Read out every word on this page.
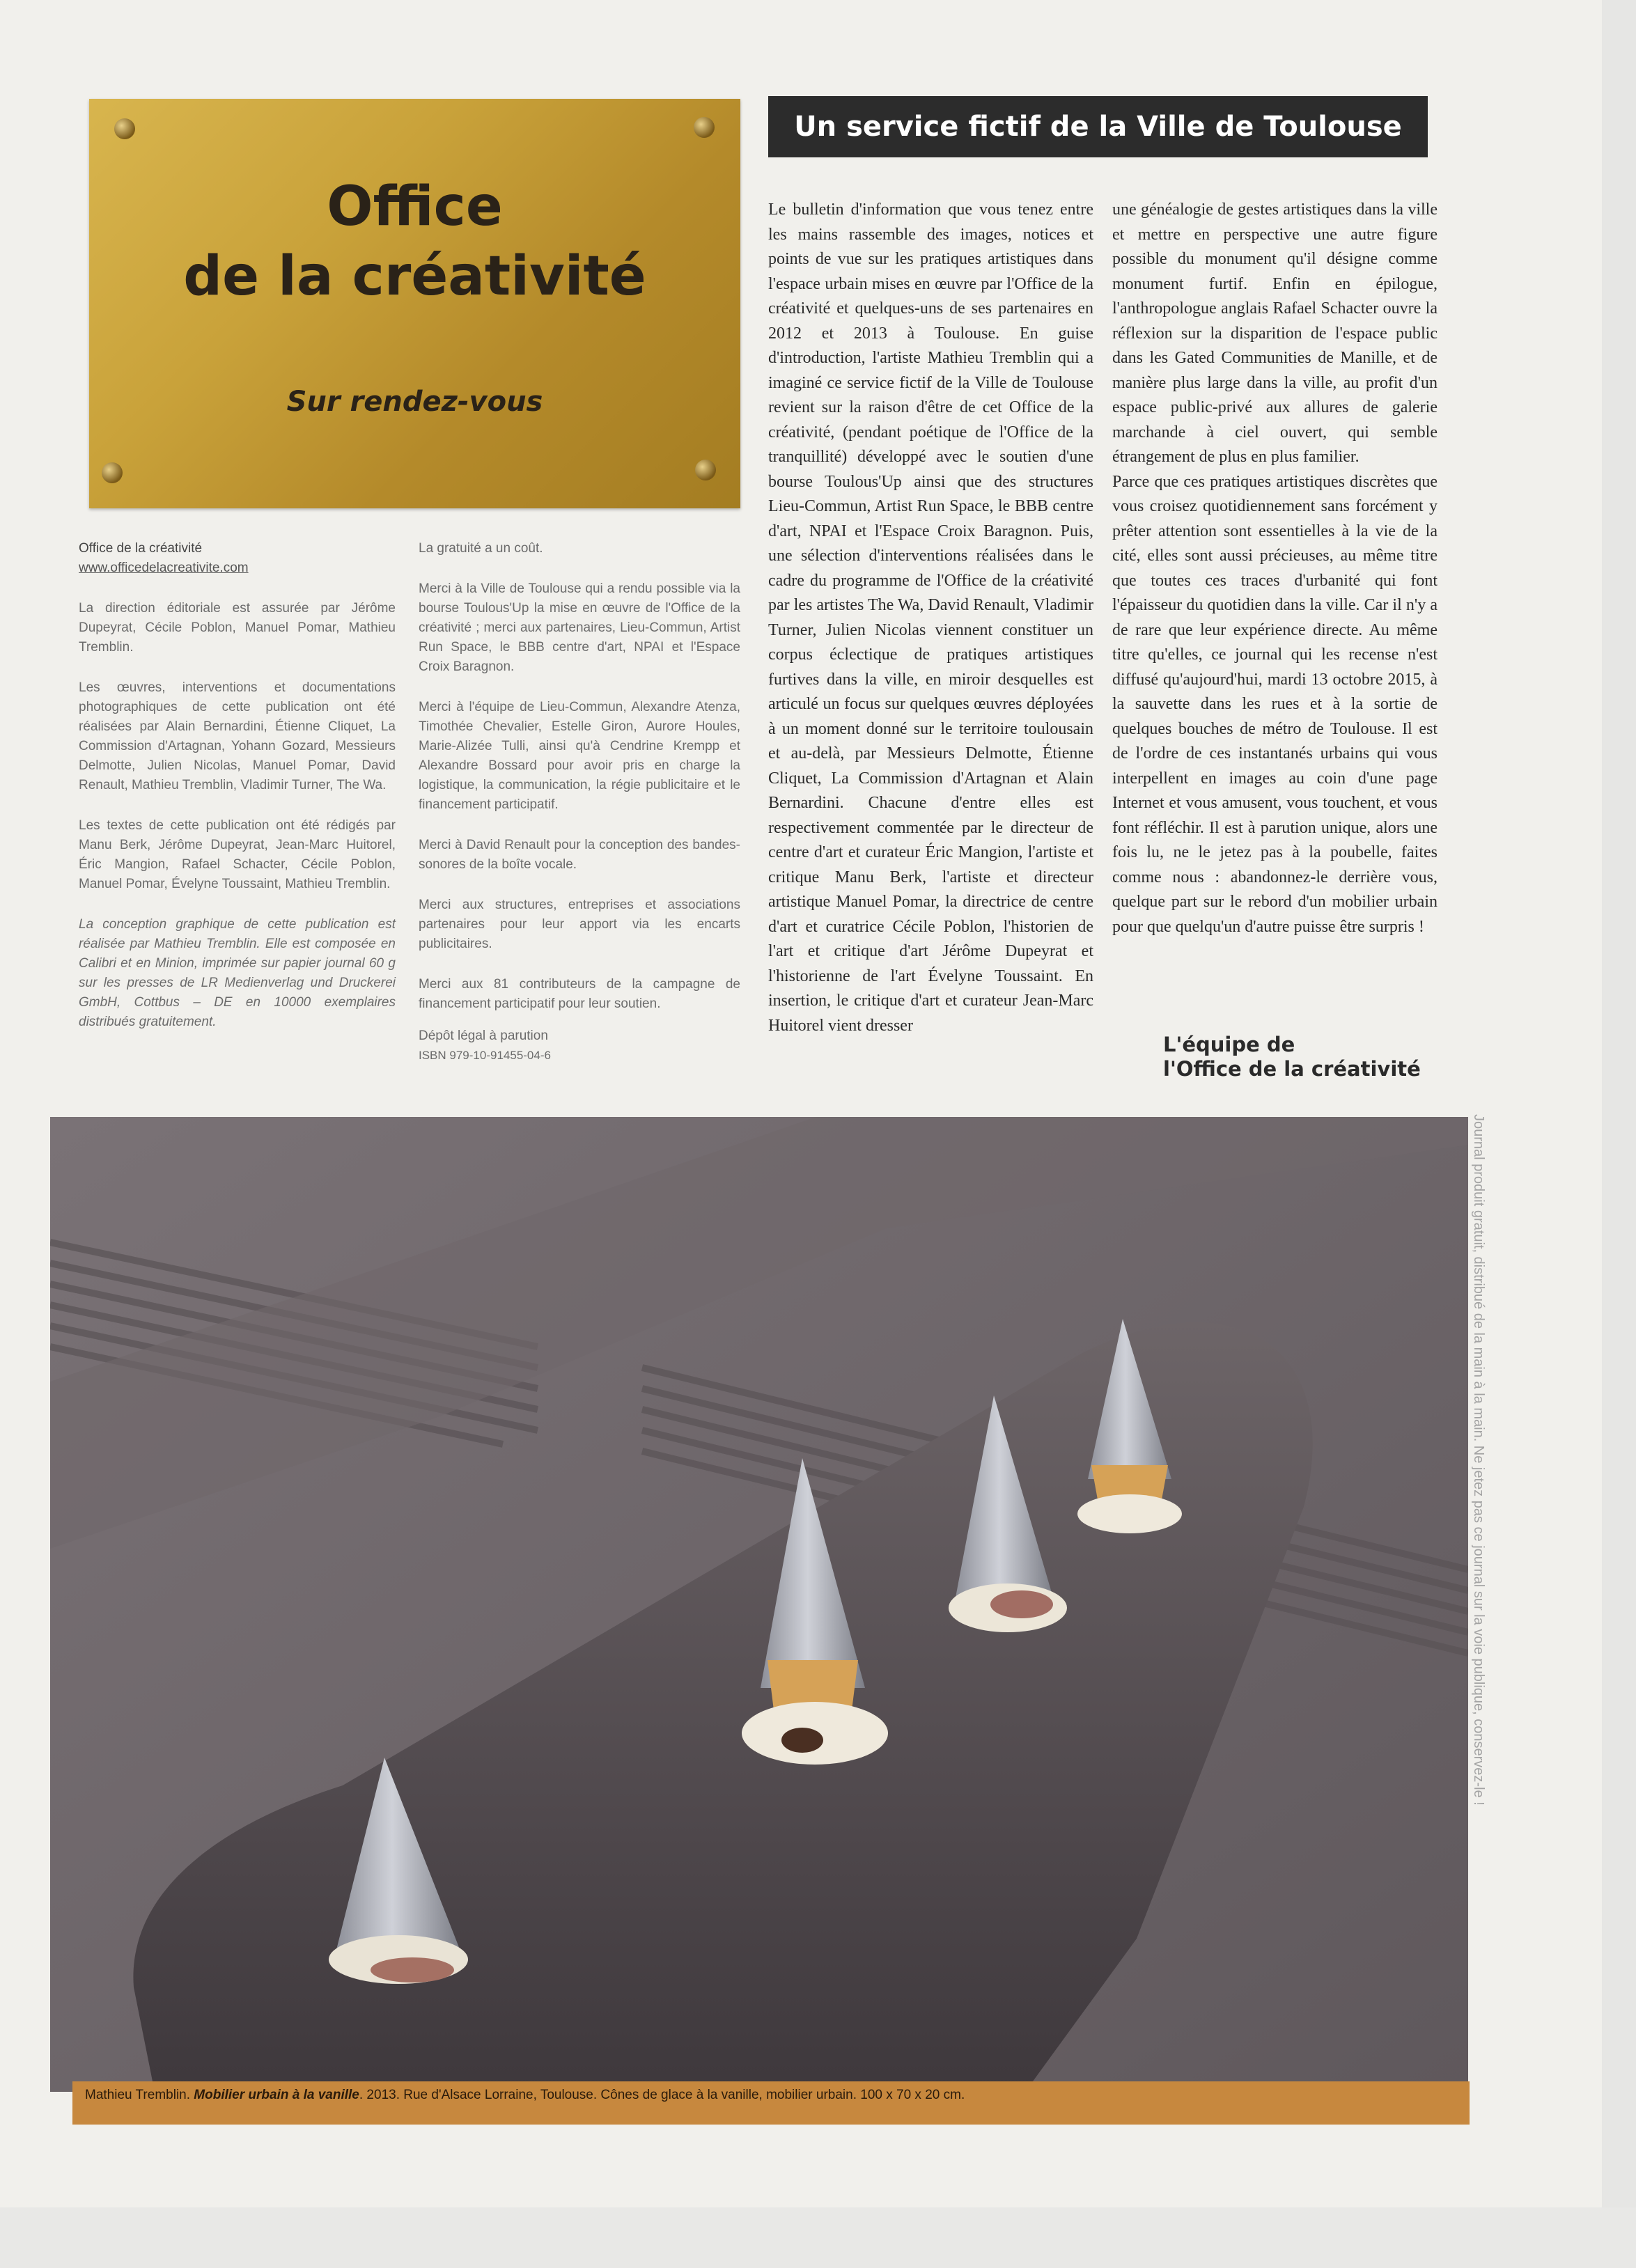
Office
de la créativité
Sur rendez-vous
Office de la créativité
www.officedelacreativite.com

La direction éditoriale est assurée par Jérôme Dupeyrat, Cécile Poblon, Manuel Pomar, Mathieu Tremblin.

Les œuvres, interventions et documentations photographiques de cette publication ont été réalisées par Alain Bernardini, Étienne Cliquet, La Commission d'Artagnan, Yohann Gozard, Messieurs Delmotte, Julien Nicolas, Manuel Pomar, David Renault, Mathieu Tremblin, Vladimir Turner, The Wa.

Les textes de cette publication ont été rédigés par Manu Berk, Jérôme Dupeyrat, Jean-Marc Huitorel, Éric Mangion, Rafael Schacter, Cécile Poblon, Manuel Pomar, Évelyne Toussaint, Mathieu Tremblin.

La conception graphique de cette publication est réalisée par Mathieu Tremblin. Elle est composée en Calibri et en Minion, imprimée sur papier journal 60 g sur les presses de LR Medienverlag und Druckerei GmbH, Cottbus – DE en 10000 exemplaires distribués gratuitement.

La gratuité a un coût.

Merci à la Ville de Toulouse qui a rendu possible via la bourse Toulous'Up la mise en œuvre de l'Office de la créativité ; merci aux partenaires, Lieu-Commun, Artist Run Space, le BBB centre d'art, NPAI et l'Espace Croix Baragnon.

Merci à l'équipe de Lieu-Commun, Alexandre Atenza, Timothée Chevalier, Estelle Giron, Aurore Houles, Marie-Alizée Tulli, ainsi qu'à Cendrine Krempp et Alexandre Bossard pour avoir pris en charge la logistique, la communication, la régie publicitaire et le financement participatif.

Merci à David Renault pour la conception des bandes-sonores de la boîte vocale.

Merci aux structures, entreprises et associations partenaires pour leur apport via les encarts publicitaires.

Merci aux 81 contributeurs de la campagne de financement participatif pour leur soutien.

Dépôt légal à parution
ISBN 979-10-91455-04-6
Un service fictif de la Ville de Toulouse

Le bulletin d'information que vous tenez entre les mains rassemble des images, notices et points de vue sur les pratiques artistiques dans l'espace urbain mises en œuvre par l'Office de la créativité et quelques-uns de ses partenaires en 2012 et 2013 à Toulouse. En guise d'introduction, l'artiste Mathieu Tremblin qui a imaginé ce service fictif de la Ville de Toulouse revient sur la raison d'être de cet Office de la créativité, (pendant poétique de l'Office de la tranquillité) développé avec le soutien d'une bourse Toulous'Up ainsi que des structures Lieu-Commun, Artist Run Space, le BBB centre d'art, NPAI et l'Espace Croix Baragnon. Puis, une sélection d'interventions réalisées dans le cadre du programme de l'Office de la créativité par les artistes The Wa, David Renault, Vladimir Turner, Julien Nicolas viennent constituer un corpus éclectique de pratiques artistiques furtives dans la ville, en miroir desquelles est articulé un focus sur quelques œuvres déployées à un moment donné sur le territoire toulousain et au-delà, par Messieurs Delmotte, Étienne Cliquet, La Commission d'Artagnan et Alain Bernardini. Chacune d'entre elles est respectivement commentée par le directeur de centre d'art et curateur Éric Mangion, l'artiste et critique Manu Berk, l'artiste et directeur artistique Manuel Pomar, la directrice de centre d'art et curatrice Cécile Poblon, l'historien de l'art et critique d'art Jérôme Dupeyrat et l'historienne de l'art Évelyne Toussaint. En insertion, le critique d'art et curateur Jean-Marc Huitorel vient dresser

une généalogie de gestes artistiques dans la ville et mettre en perspective une autre figure possible du monument qu'il désigne comme monument furtif. Enfin en épilogue, l'anthropologue anglais Rafael Schacter ouvre la réflexion sur la disparition de l'espace public dans les Gated Communities de Manille, et de manière plus large dans la ville, au profit d'un espace public-privé aux allures de galerie marchande à ciel ouvert, qui semble étrangement de plus en plus familier.

Parce que ces pratiques artistiques discrètes que vous croisez quotidiennement sans forcément y prêter attention sont essentielles à la vie de la cité, elles sont aussi précieuses, au même titre que toutes ces traces d'urbanité qui font l'épaisseur du quotidien dans la ville. Car il n'y a de rare que leur expérience directe. Au même titre qu'elles, ce journal qui les recense n'est diffusé qu'aujourd'hui, mardi 13 octobre 2015, à la sauvette dans les rues et à la sortie de quelques bouches de métro de Toulouse. Il est de l'ordre de ces instantanés urbains qui vous interpellent en images au coin d'une page Internet et vous amusent, vous touchent, et vous font réfléchir. Il est à parution unique, alors une fois lu, ne le jetez pas à la poubelle, faites comme nous : abandonnez-le derrière vous, quelque part sur le rebord d'un mobilier urbain pour que quelqu'un d'autre puisse être surpris !

L'équipe de
l'Office de la créativité
Mathieu Tremblin. Mobilier urbain à la vanille. 2013. Rue d'Alsace Lorraine, Toulouse. Cônes de glace à la vanille, mobilier urbain. 100 x 70 x 20 cm.
Journal produit gratuit, distribué de la main à la main. Ne jetez pas ce journal sur la voie publique, conservez-le !
